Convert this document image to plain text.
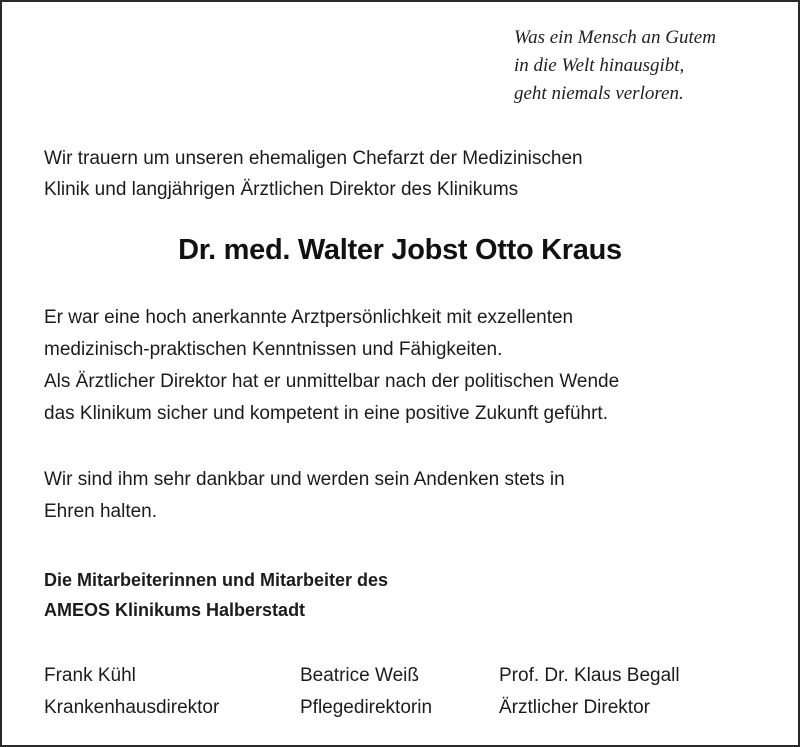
Was ein Mensch an Gutem
in die Welt hinausgibt,
geht niemals verloren.
Wir trauern um unseren ehemaligen Chefarzt der Medizinischen
Klinik und langjährigen Ärztlichen Direktor des Klinikums
Dr. med. Walter Jobst Otto Kraus
Er war eine hoch anerkannte Arztpersönlichkeit mit exzellenten
medizinisch-praktischen Kenntnissen und Fähigkeiten.
Als Ärztlicher Direktor hat er unmittelbar nach der politischen Wende
das Klinikum sicher und kompetent in eine positive Zukunft geführt.
Wir sind ihm sehr dankbar und werden sein Andenken stets in
Ehren halten.
Die Mitarbeiterinnen und Mitarbeiter des
AMEOS Klinikums Halberstadt
Frank Kühl
Krankenhausdirektor
Beatrice Weiß
Pflegedirektorin
Prof. Dr. Klaus Begall
Ärztlicher Direktor
